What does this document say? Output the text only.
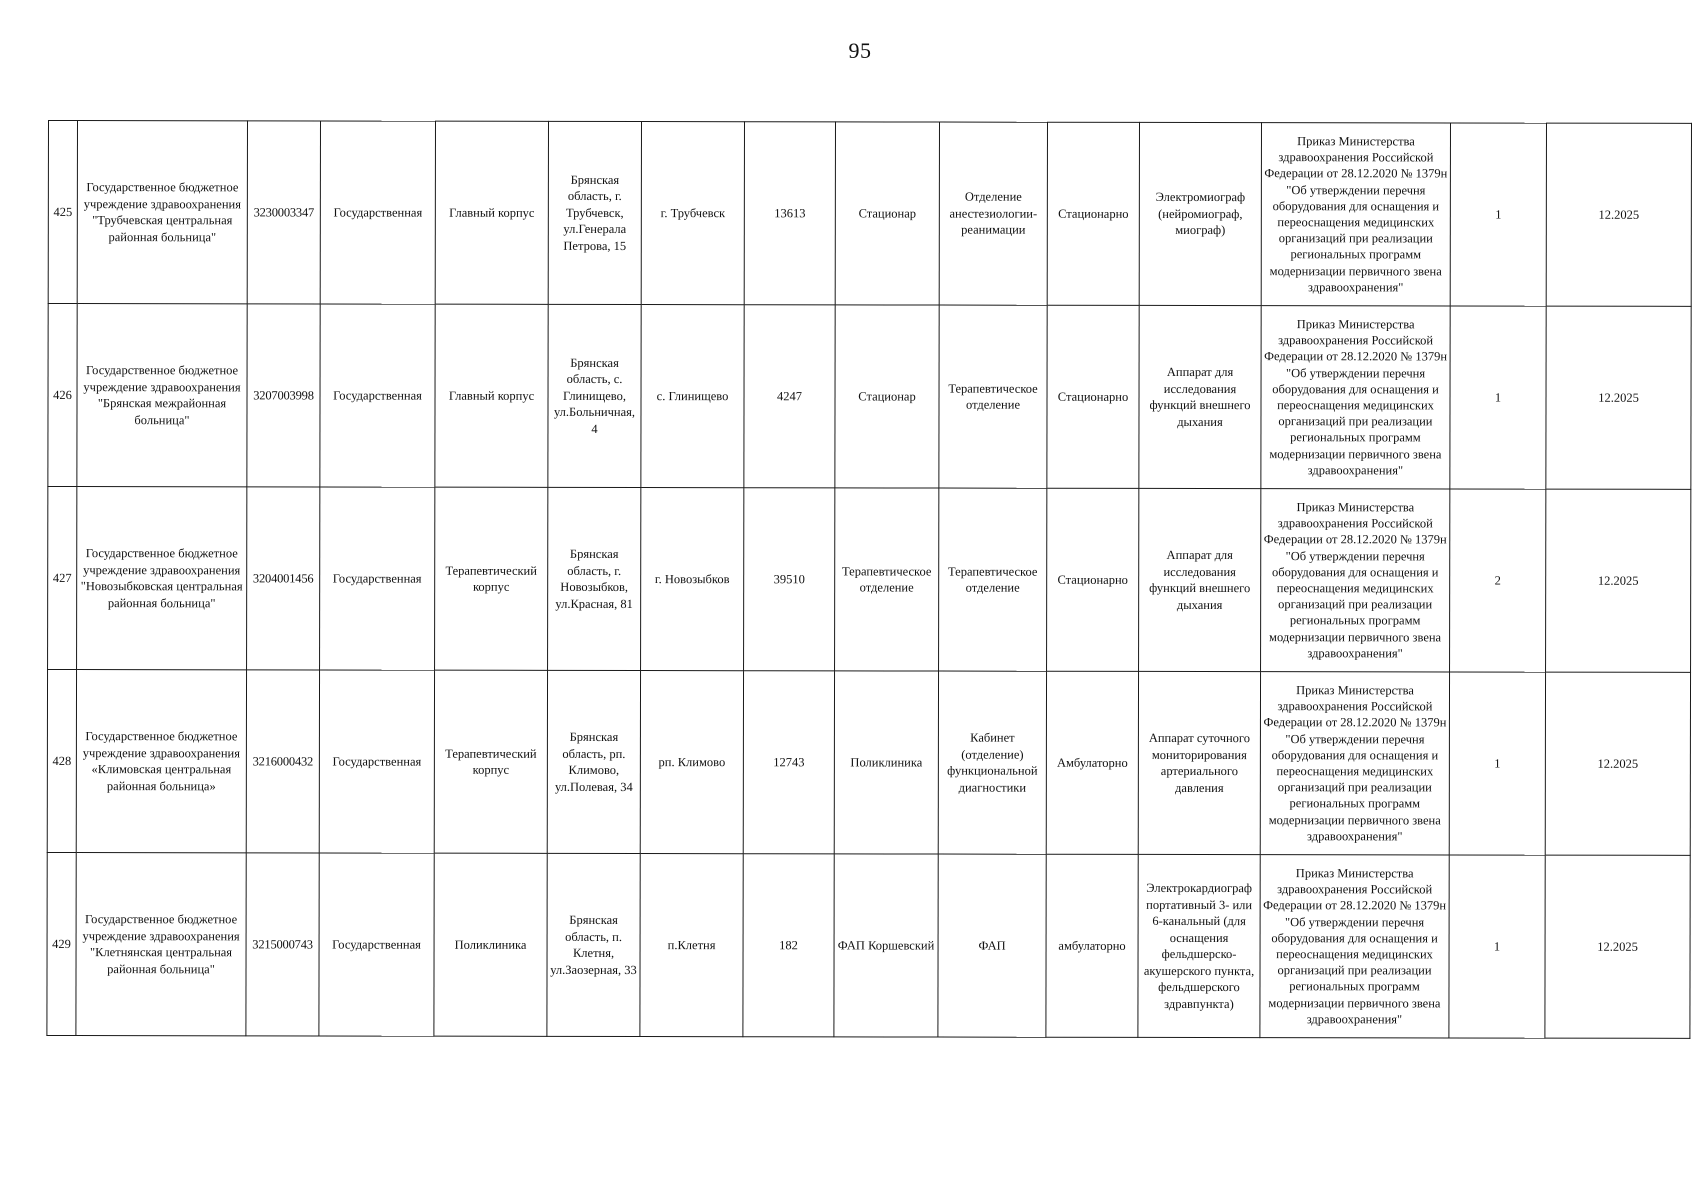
95
425	Государственное бюджетное учреждение здравоохранения "Трубчевская центральная районная больница"	3230003347	Государственная	Главный корпус	Брянская область, г. Трубчевск, ул.Генерала Петрова, 15	г. Трубчевск	13613	Стационар	Отделение анестезиологии-реанимации	Стационарно	Электромиограф (нейромиограф, миограф)	Приказ Министерства здравоохранения Российской Федерации от 28.12.2020 № 1379н "Об утверждении перечня оборудования для оснащения и переоснащения медицинских организаций при реализации региональных программ модернизации первичного звена здравоохранения"	1	12.2025
426	Государственное бюджетное учреждение здравоохранения "Брянская межрайонная больница"	3207003998	Государственная	Главный корпус	Брянская область, с. Глинищево, ул.Больничная, 4	с. Глинищево	4247	Стационар	Терапевтическое отделение	Стационарно	Аппарат для исследования функций внешнего дыхания	Приказ Министерства здравоохранения Российской Федерации от 28.12.2020 № 1379н "Об утверждении перечня оборудования для оснащения и переоснащения медицинских организаций при реализации региональных программ модернизации первичного звена здравоохранения"	1	12.2025
427	Государственное бюджетное учреждение здравоохранения "Новозыбковская центральная районная больница"	3204001456	Государственная	Терапевтический корпус	Брянская область, г. Новозыбков, ул.Красная, 81	г. Новозыбков	39510	Терапевтическое отделение	Терапевтическое отделение	Стационарно	Аппарат для исследования функций внешнего дыхания	Приказ Министерства здравоохранения Российской Федерации от 28.12.2020 № 1379н "Об утверждении перечня оборудования для оснащения и переоснащения медицинских организаций при реализации региональных программ модернизации первичного звена здравоохранения"	2	12.2025
428	Государственное бюджетное учреждение здравоохранения «Климовская центральная районная больница»	3216000432	Государственная	Терапевтический корпус	Брянская область, рп. Климово, ул.Полевая, 34	рп. Климово	12743	Поликлиника	Кабинет (отделение) функциональной диагностики	Амбулаторно	Аппарат суточного мониторирования артериального давления	Приказ Министерства здравоохранения Российской Федерации от 28.12.2020 № 1379н "Об утверждении перечня оборудования для оснащения и переоснащения медицинских организаций при реализации региональных программ модернизации первичного звена здравоохранения"	1	12.2025
429	Государственное бюджетное учреждение здравоохранения "Клетнянская центральная районная больница"	3215000743	Государственная	Поликлиника	Брянская область, п. Клетня, ул.Заозерная, 33	п.Клетня	182	ФАП Коршевский	ФАП	амбулаторно	Электрокардиограф портативный 3- или 6-канальный (для оснащения фельдшерско-акушерского пункта, фельдшерского здравпункта)	Приказ Министерства здравоохранения Российской Федерации от 28.12.2020 № 1379н "Об утверждении перечня оборудования для оснащения и переоснащения медицинских организаций при реализации региональных программ модернизации первичного звена здравоохранения"	1	12.2025
